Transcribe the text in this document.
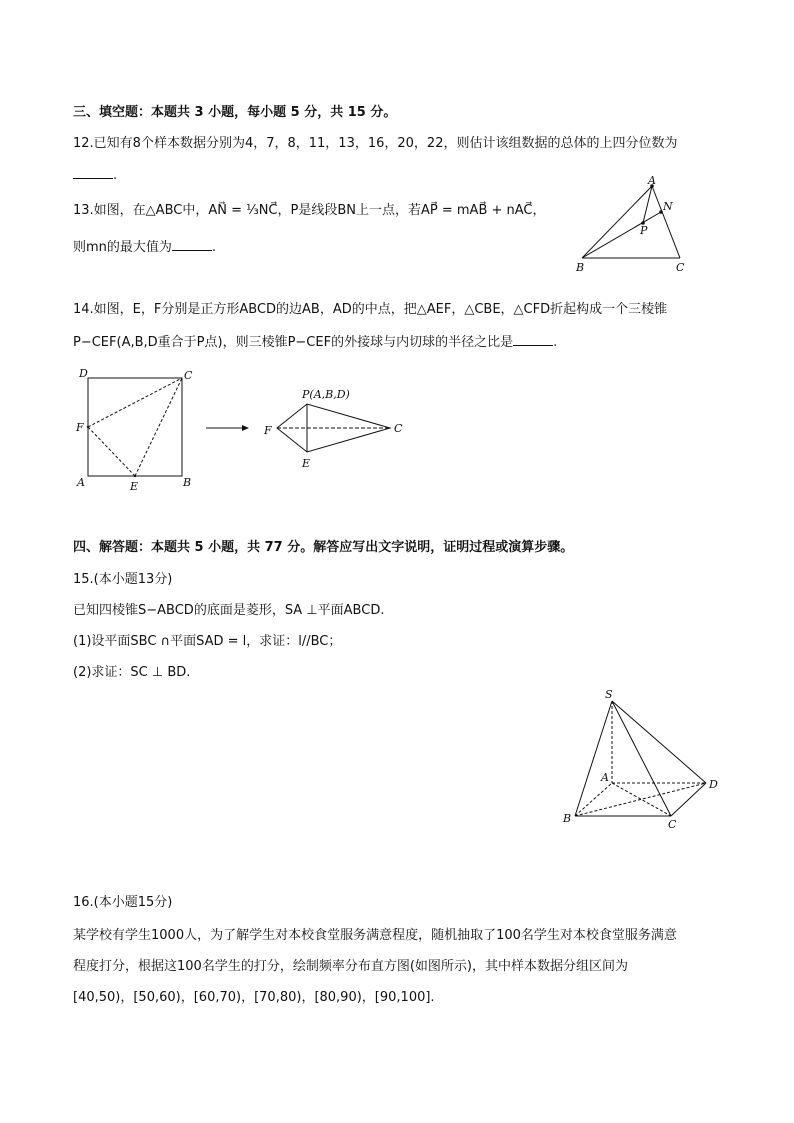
三、填空题：本题共 3 小题，每小题 5 分，共 15 分。
12.已知有8个样本数据分别为4，7，8，11，13，16，20，22，则估计该组数据的总体的上四分位数为
.
13.如图，在△ABC中，AN⃗ = ⅓NC⃗，P是线段BN上一点，若AP⃗ = mAB⃗ + nAC⃗，
则mn的最大值为	.
A
N
P
B	C
14.如图，E，F分别是正方形ABCD的边AB，AD的中点，把△AEF，△CBE，△CFD折起构成一个三棱锥
P−CEF(A,B,D重合于P点)，则三棱锥P−CEF的外接球与内切球的半径之比是	.
D	C
F
A	E	B
P(A,B,D)
F	C
E
四、解答题：本题共 5 小题，共 77 分。解答应写出文字说明，证明过程或演算步骤。
15.(本小题13分)
已知四棱锥S−ABCD的底面是菱形，SA ⊥平面ABCD.
(1)设平面SBC ∩平面SAD = l，求证：l//BC；
(2)求证：SC ⊥ BD.
S
A
D
B	C
16.(本小题15分)
某学校有学生1000人，为了解学生对本校食堂服务满意程度，随机抽取了100名学生对本校食堂服务满意
程度打分，根据这100名学生的打分，绘制频率分布直方图(如图所示)，其中样本数据分组区间为
[40,50)，[50,60)，[60,70)，[70,80)，[80,90)，[90,100].
